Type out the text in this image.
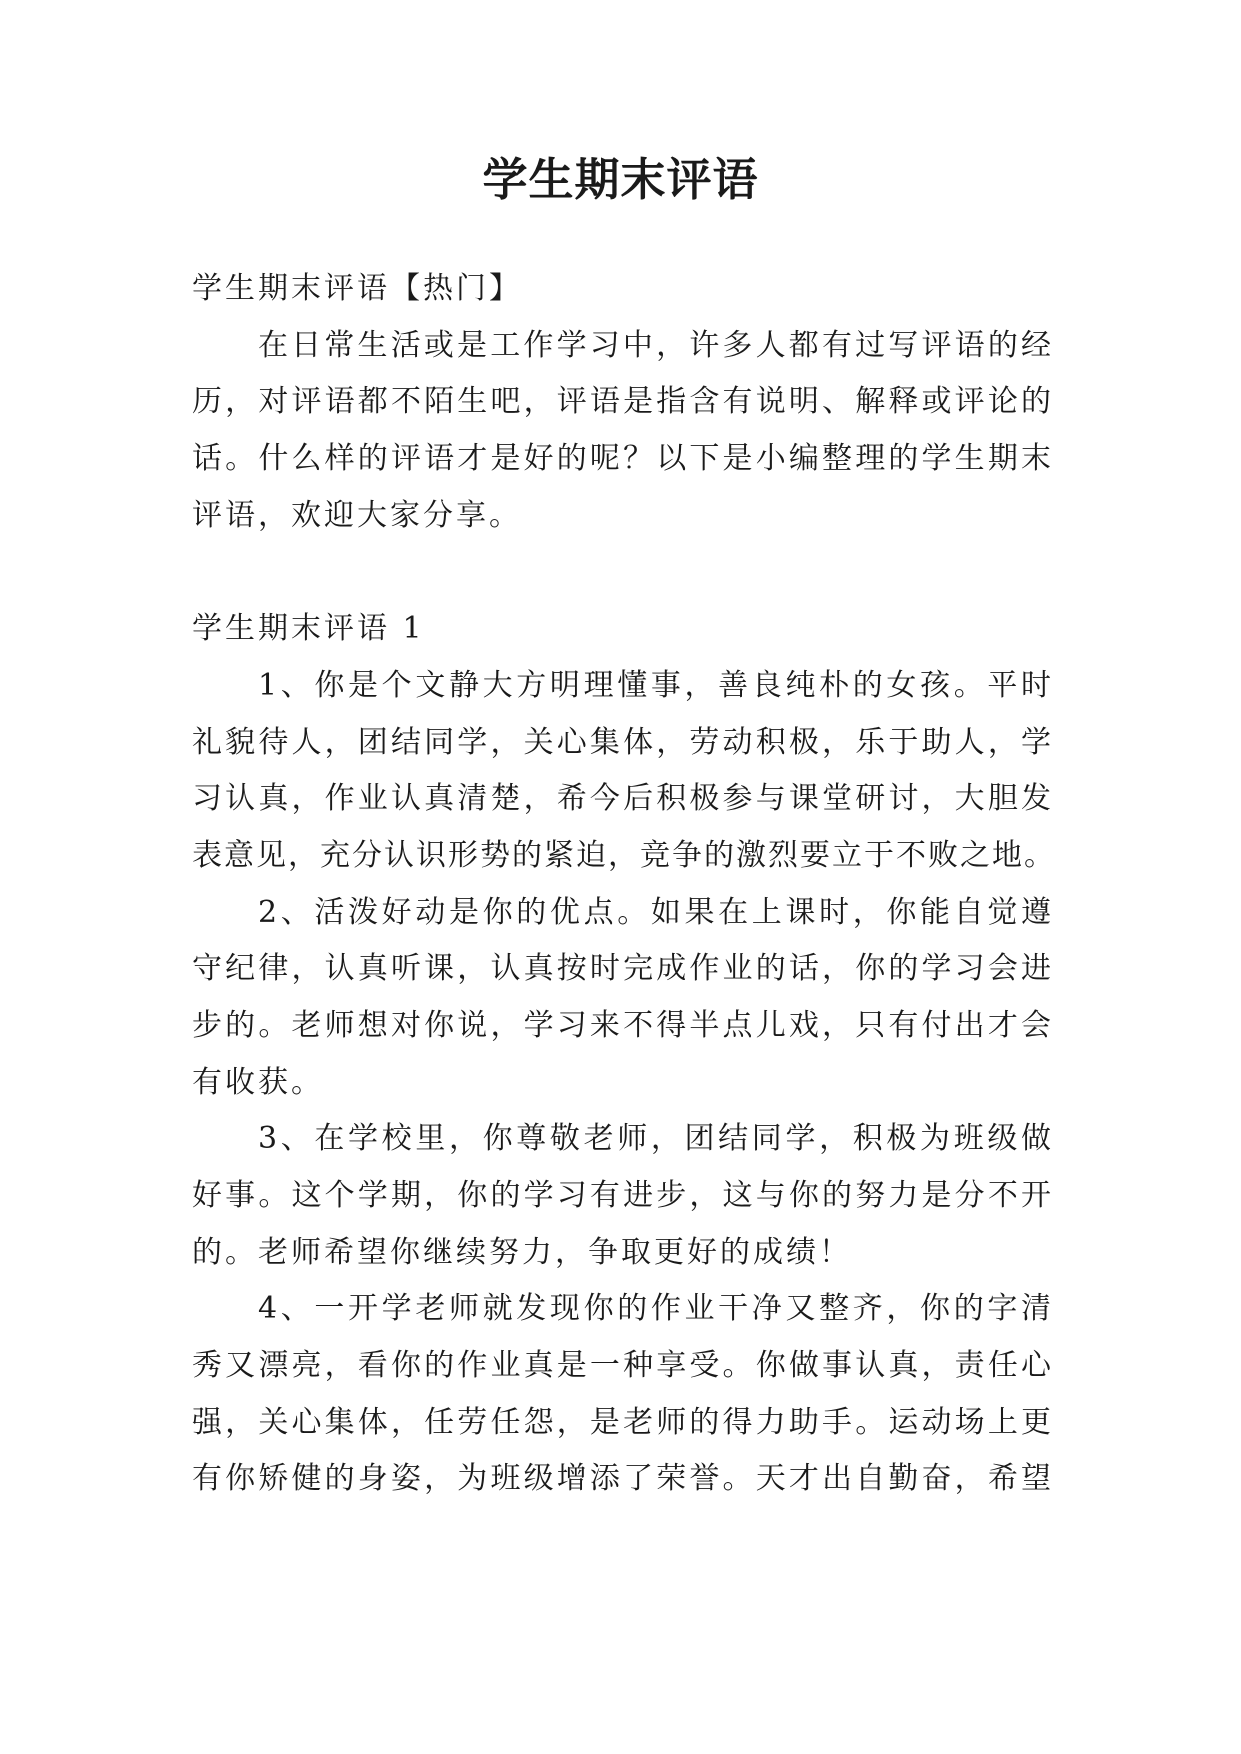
学生期末评语
学生期末评语【热门】
在日常生活或是工作学习中，许多人都有过写评语的经
历，对评语都不陌生吧，评语是指含有说明、解释或评论的
话。什么样的评语才是好的呢？以下是小编整理的学生期末
评语，欢迎大家分享。
学生期末评语 1
1、你是个文静大方明理懂事，善良纯朴的女孩。平时
礼貌待人，团结同学，关心集体，劳动积极，乐于助人，学
习认真，作业认真清楚，希今后积极参与课堂研讨，大胆发
表意见，充分认识形势的紧迫，竞争的激烈要立于不败之地。
2、活泼好动是你的优点。如果在上课时，你能自觉遵
守纪律，认真听课，认真按时完成作业的话，你的学习会进
步的。老师想对你说，学习来不得半点儿戏，只有付出才会
有收获。
3、在学校里，你尊敬老师，团结同学，积极为班级做
好事。这个学期，你的学习有进步，这与你的努力是分不开
的。老师希望你继续努力，争取更好的成绩！
4、一开学老师就发现你的作业干净又整齐，你的字清
秀又漂亮，看你的作业真是一种享受。你做事认真，责任心
强，关心集体，任劳任怨，是老师的得力助手。运动场上更
有你矫健的身姿，为班级增添了荣誉。天才出自勤奋，希望
